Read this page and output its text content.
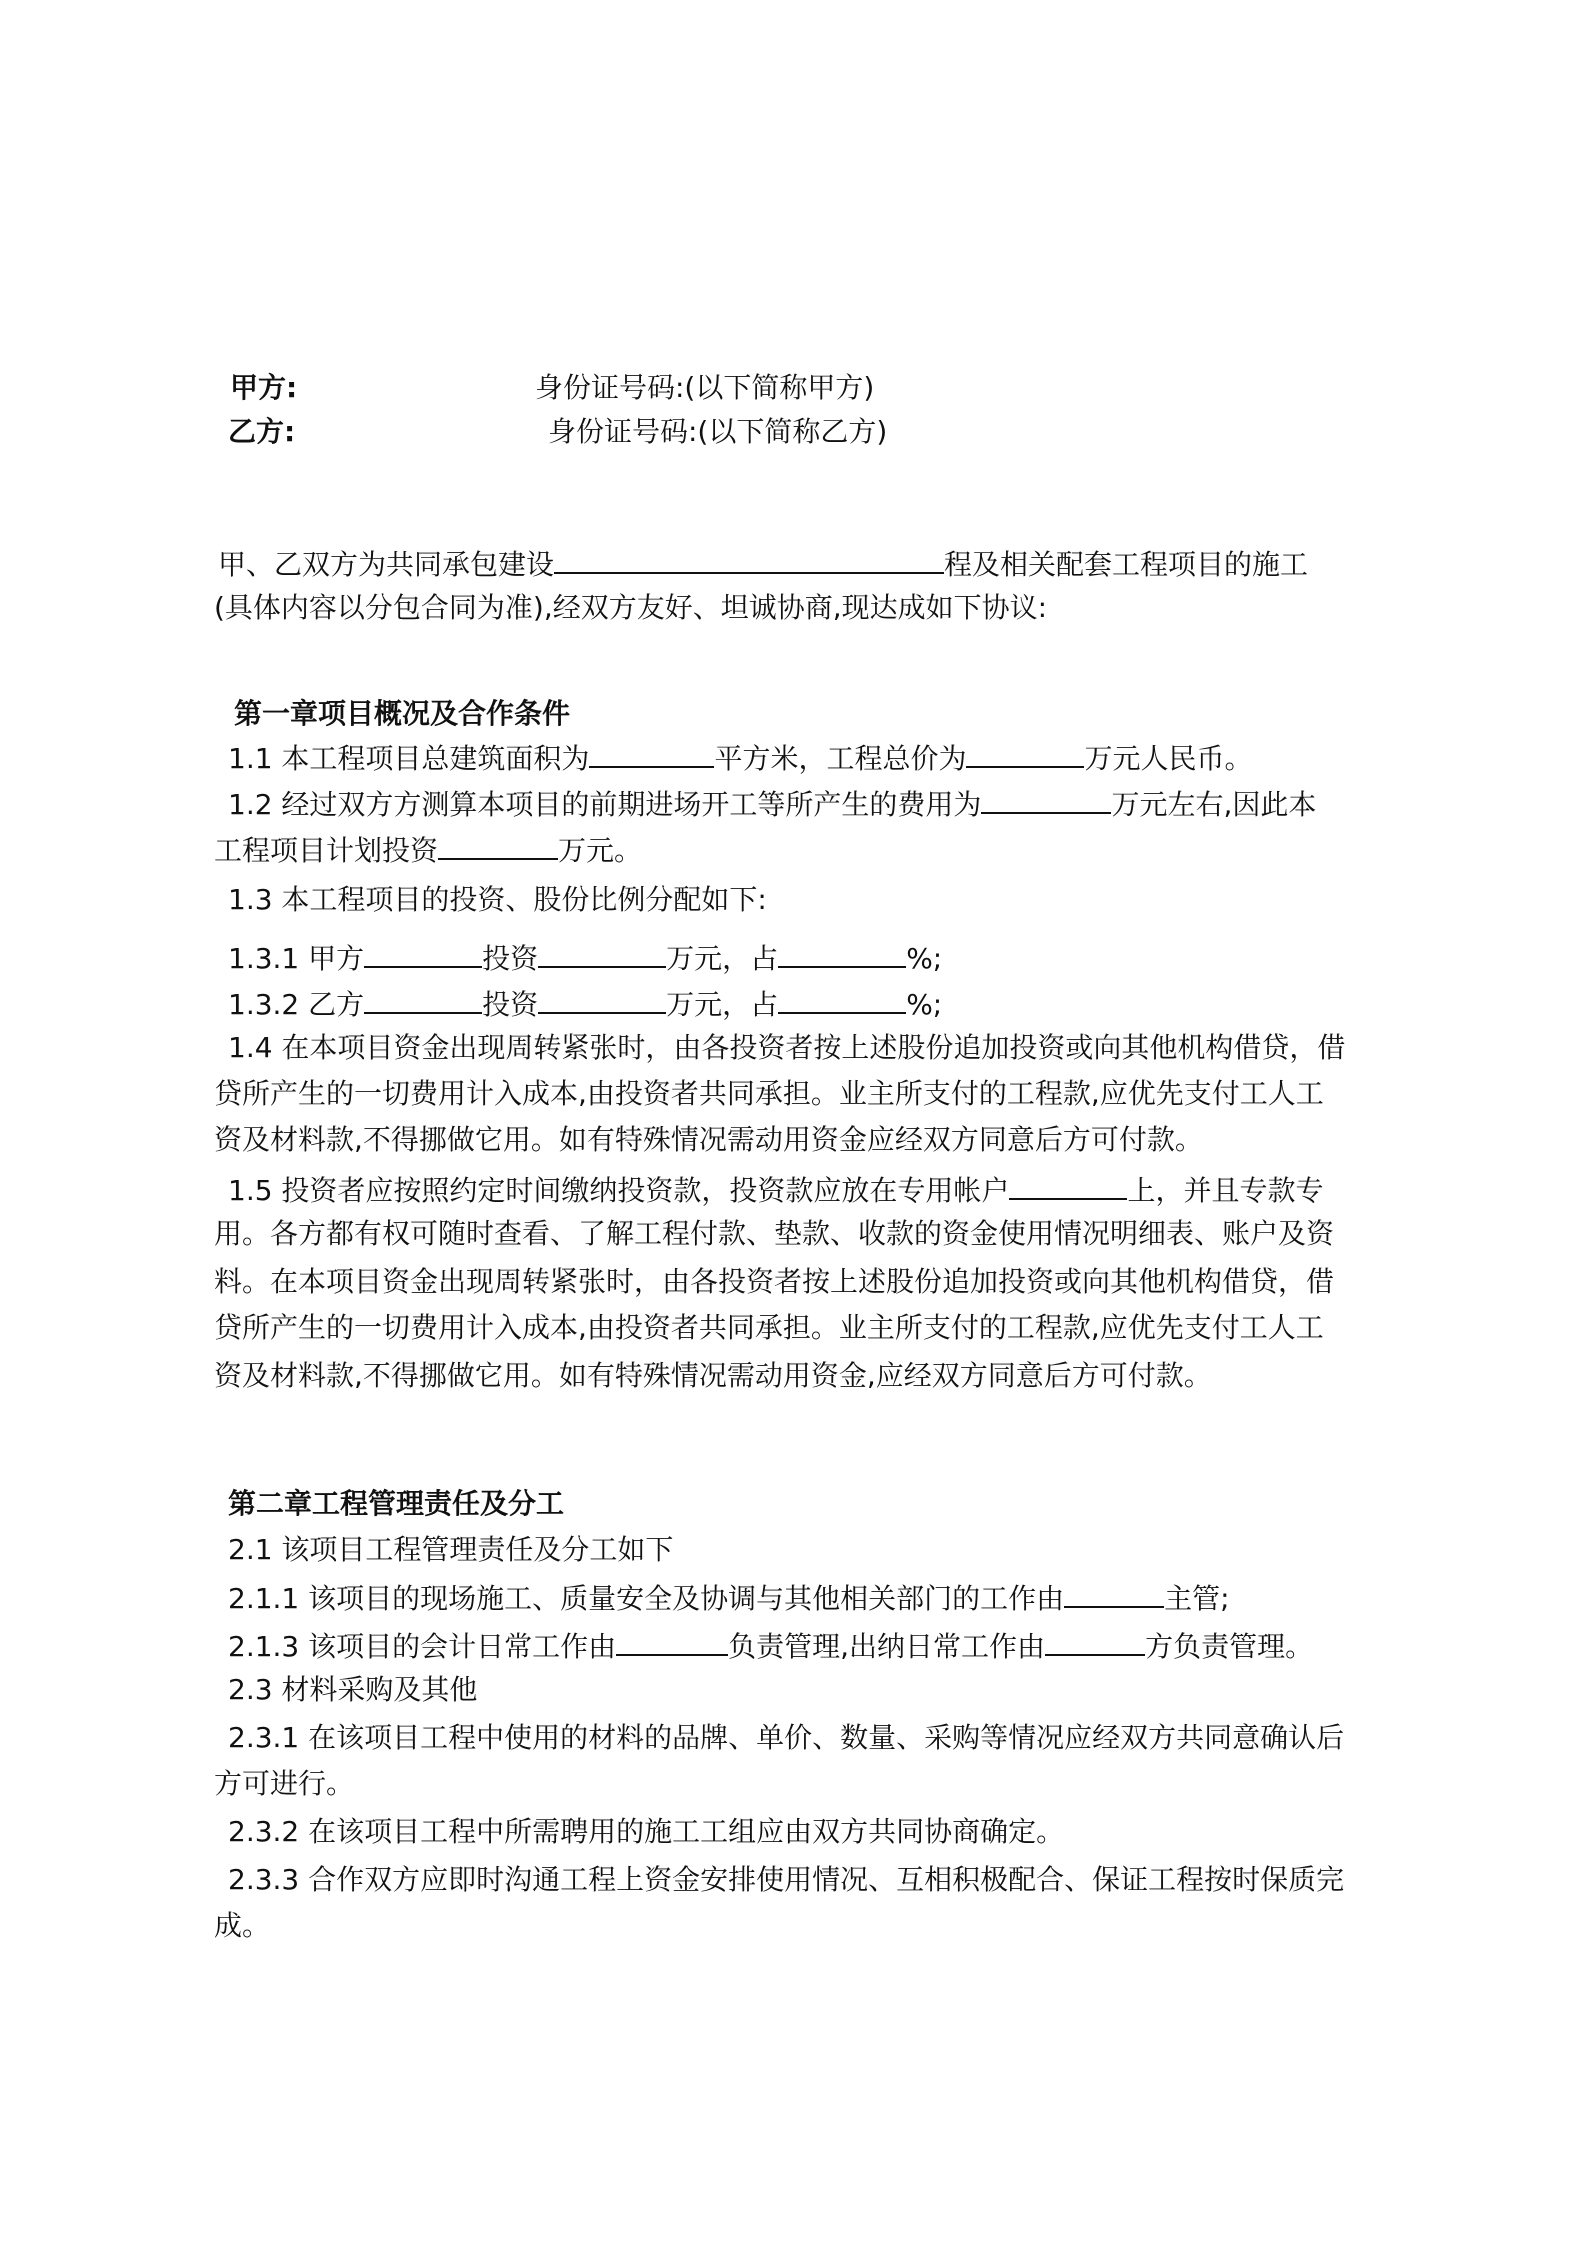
甲方:	身份证号码:(以下简称甲方)
乙方:	身份证号码:(以下简称乙方)
甲、乙双方为共同承包建设	程及相关配套工程项目的施工
(具体内容以分包合同为准),经双方友好、坦诚协商,现达成如下协议:
第一章项目概况及合作条件
1.1 本工程项目总建筑面积为	平方米，工程总价为	万元人民币。
1.2 经过双方方测算本项目的前期进场开工等所产生的费用为	万元左右,因此本
工程项目计划投资	万元。
1.3 本工程项目的投资、股份比例分配如下:
1.3.1 甲方	投资	万元，占	%;
1.3.2 乙方	投资	万元，占	%;
1.4 在本项目资金出现周转紧张时，由各投资者按上述股份追加投资或向其他机构借贷，借
贷所产生的一切费用计入成本,由投资者共同承担。业主所支付的工程款,应优先支付工人工
资及材料款,不得挪做它用。如有特殊情况需动用资金应经双方同意后方可付款。
1.5 投资者应按照约定时间缴纳投资款，投资款应放在专用帐户	上，并且专款专
用。各方都有权可随时查看、了解工程付款、垫款、收款的资金使用情况明细表、账户及资
料。在本项目资金出现周转紧张时，由各投资者按上述股份追加投资或向其他机构借贷，借
贷所产生的一切费用计入成本,由投资者共同承担。业主所支付的工程款,应优先支付工人工
资及材料款,不得挪做它用。如有特殊情况需动用资金,应经双方同意后方可付款。
第二章工程管理责任及分工
2.1 该项目工程管理责任及分工如下
2.1.1 该项目的现场施工、质量安全及协调与其他相关部门的工作由	主管;
2.1.3 该项目的会计日常工作由	负责管理,出纳日常工作由	方负责管理。
2.3 材料采购及其他
2.3.1 在该项目工程中使用的材料的品牌、单价、数量、采购等情况应经双方共同意确认后
方可进行。
2.3.2 在该项目工程中所需聘用的施工工组应由双方共同协商确定。
2.3.3 合作双方应即时沟通工程上资金安排使用情况、互相积极配合、保证工程按时保质完
成。
